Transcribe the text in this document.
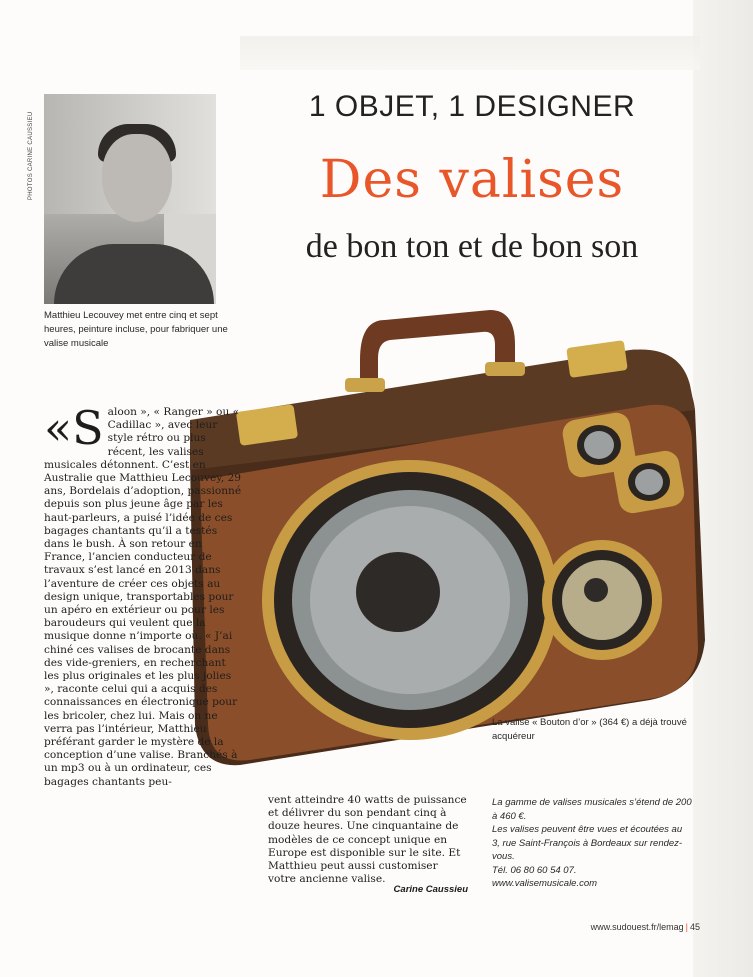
PHOTOS CARINE CAUSSIEU
Matthieu Lecouvey met entre cinq et sept heures, peinture incluse, pour fabriquer une valise musicale
1 OBJET, 1 DESIGNER
Des valises
de bon ton et de bon son
La valise « Bouton d’or » (364 €) a déjà trouvé acquéreur
«Saloon », « Ranger » ou « Cadillac », avec leur style rétro ou plus récent, les valises musicales détonnent. C’est en Australie que Matthieu Lecouvey, 29 ans, Bordelais d’adoption, passionné depuis son plus jeune âge par les haut-parleurs, a puisé l’idée de ces bagages chantants qu’il a testés dans le bush. À son retour en France, l’ancien conducteur de travaux s’est lancé en 2013 dans l’aventure de créer ces objets au design unique, transportables pour un apéro en extérieur ou pour les baroudeurs qui veulent que la musique donne n’importe où. « J’ai chiné ces valises de brocante dans des vide-greniers, en recherchant les plus originales et les plus jolies », raconte celui qui a acquis des connaissances en électronique pour les bricoler, chez lui. Mais on ne verra pas l’intérieur, Matthieu préférant garder le mystère de la conception d’une valise. Branchés à un mp3 ou à un ordinateur, ces bagages chantants peu-
vent atteindre 40 watts de puissance et délivrer du son pendant cinq à douze heures. Une cinquantaine de modèles de ce concept unique en Europe est disponible sur le site. Et Matthieu peut aussi customiser votre ancienne valise.
Carine Caussieu

La gamme de valises musicales s’étend de 200 à 460 €.

Les valises peuvent être vues et écoutées au 3, rue Saint-François à Bordeaux sur rendez-vous.

Tél. 06 80 60 54 07.

www.valisemusicale.com

www.sudouest.fr/lemag | 45
